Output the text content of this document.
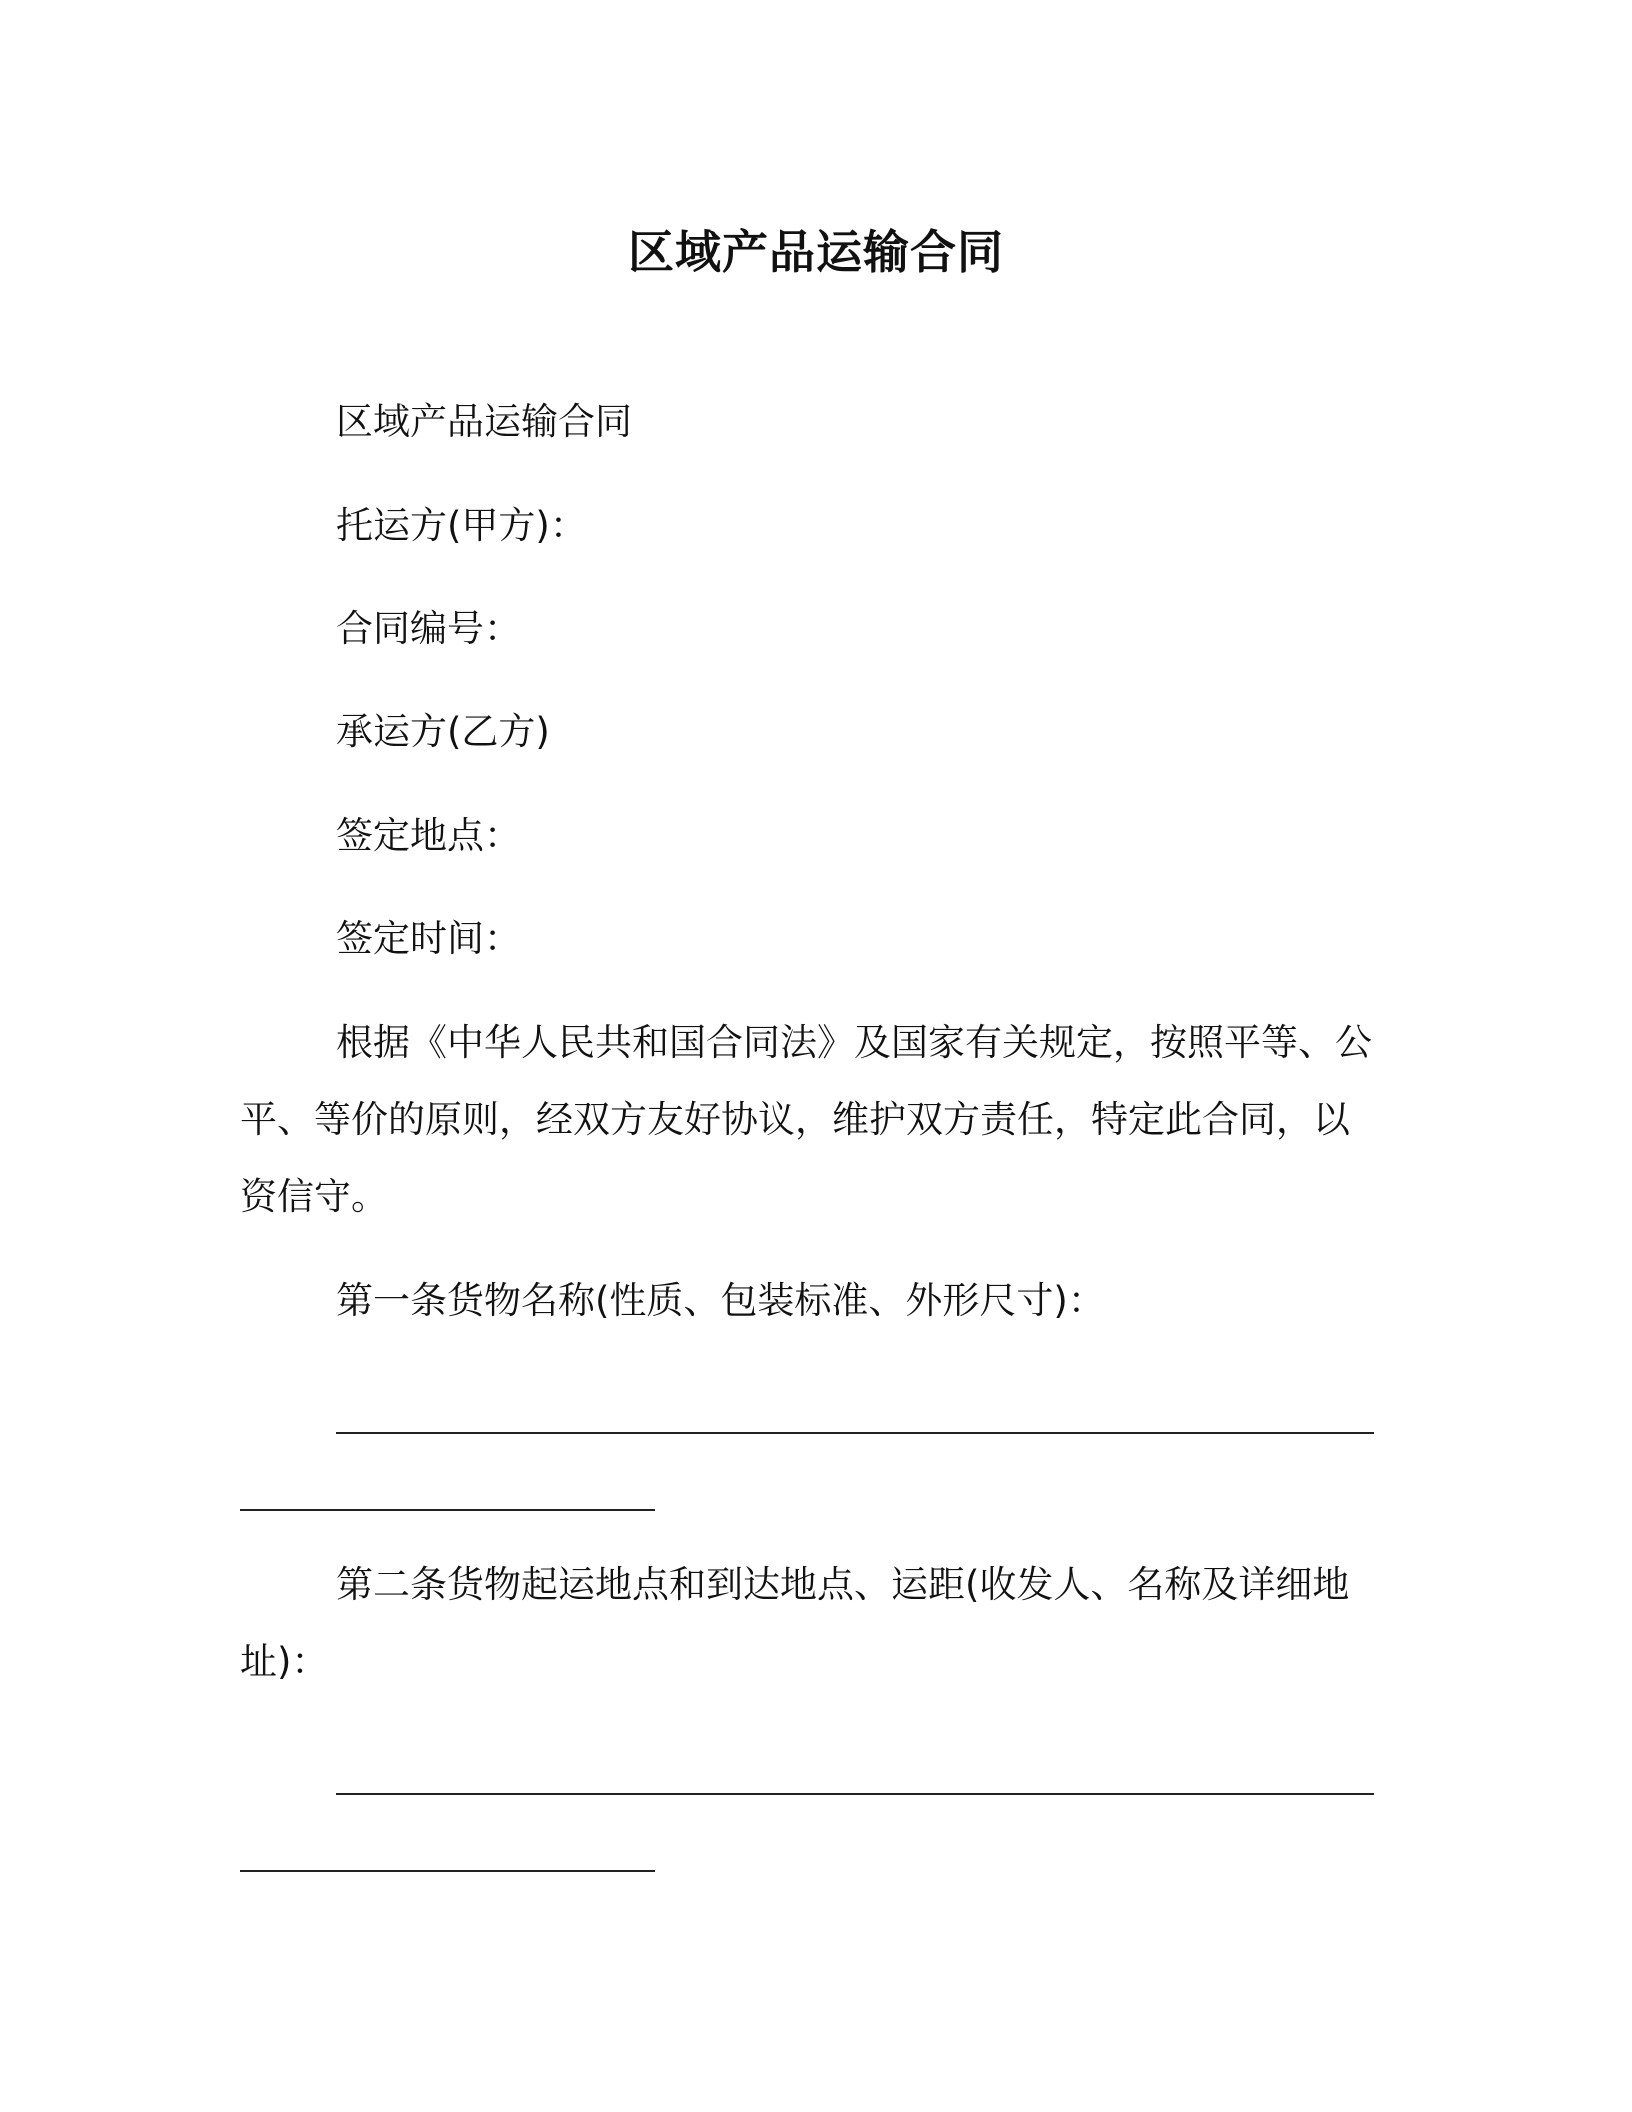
区域产品运输合同
区域产品运输合同
托运方(甲方)：
合同编号：
承运方(乙方)
签定地点：
签定时间：
根据《中华人民共和国合同法》及国家有关规定，按照平等、公
平、等价的原则，经双方友好协议，维护双方责任，特定此合同，以
资信守。
第一条货物名称(性质、包装标准、外形尺寸)：
第二条货物起运地点和到达地点、运距(收发人、名称及详细地
址)：
